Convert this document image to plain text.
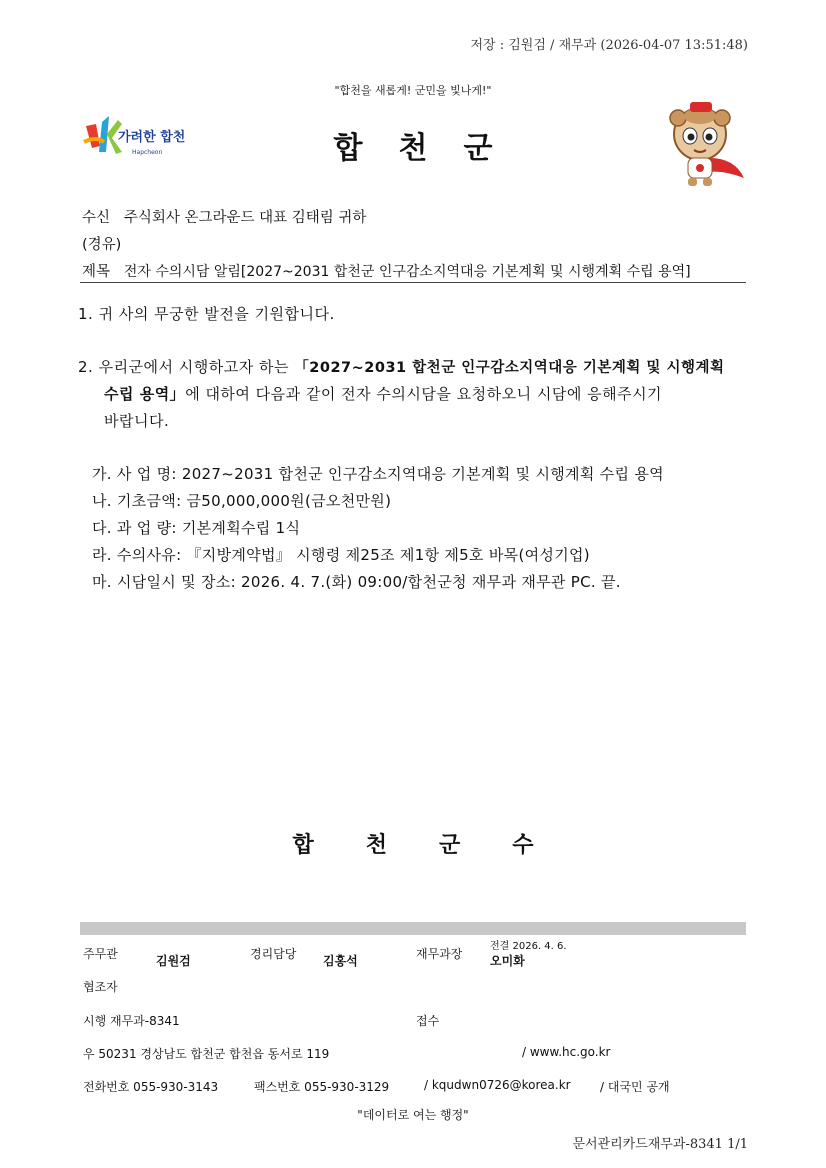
저장 : 김원검 / 재무과 (2026-04-07 13:51:48)
"합천을 새롭게! 군민을 빛나게!"
가려한 합천
Hapcheon	합천군
수신 주식회사 온그라운드 대표 김태림 귀하
(경유)
제목 전자 수의시담 알림[2027~2031 합천군 인구감소지역대응 기본계획 및 시행계획 수립 용역]
1. 귀 사의 무궁한 발전을 기원합니다.
2. 우리군에서 시행하고자 하는 「2027~2031 합천군 인구감소지역대응 기본계획 및 시행계획
수립 용역」에 대하여 다음과 같이 전자 수의시담을 요청하오니 시담에 응해주시기
바랍니다.
가. 사 업 명: 2027~2031 합천군 인구감소지역대응 기본계획 및 시행계획 수립 용역
나. 기초금액: 금50,000,000원(금오천만원)
다. 과 업 량: 기본계획수립 1식
라. 수의사유: 『지방계약법』 시행령 제25조 제1항 제5호 바목(여성기업)
마. 시담일시 및 장소: 2026. 4. 7.(화) 09:00/합천군청 재무과 재무관 PC. 끝.
합천군수
주무관	김원검	경리담당 김홍석	재무과장
전결 2026. 4. 6.
오미화
협조자
시행 재무과-8341	접수
우 50231 경상남도 합천군 합천읍 동서로 119	/ www.hc.go.kr
전화번호 055-930-3143	팩스번호 055-930-3129	/ kqudwn0726@korea.kr / 대국민 공개
"데이터로 여는 행정"
문서관리카드재무과-8341 1/1
